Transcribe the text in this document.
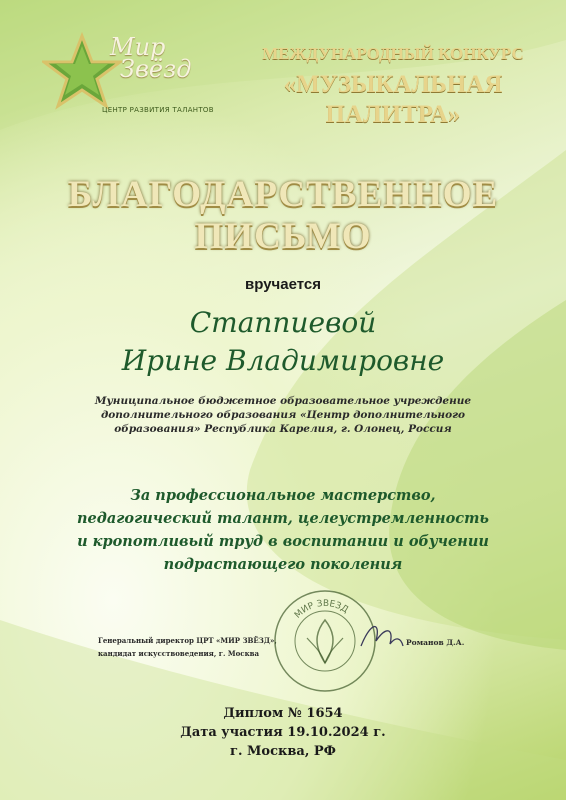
Мир
Звёзд
ЦЕНТР РАЗВИТИЯ ТАЛАНТОВ
МЕЖДУНАРОДНЫЙ КОНКУРС
«МУЗЫКАЛЬНАЯ
ПАЛИТРА»
БЛАГОДАРСТВЕННОЕ
ПИСЬМО
вручается
Стаппиевой
Ирине Владимировне
Муниципальное бюджетное образовательное учреждение
дополнительного образования «Центр дополнительного
образования» Республика Карелия, г. Олонец, Россия
За профессиональное мастерство,
педагогический талант, целеустремленность
и кропотливый труд в воспитании и обучении
подрастающего поколения
Генеральный директор ЦРТ «МИР ЗВЁЗД»,
кандидат искусствоведения, г. Москва
МИР ЗВЕЗД
Романов Д.А.
Диплом № 1654
Дата участия 19.10.2024 г.
г. Москва, РФ
